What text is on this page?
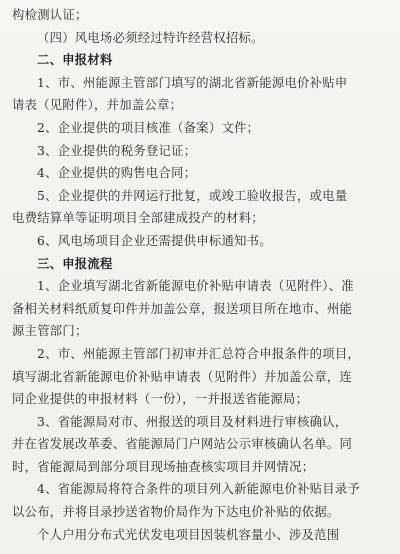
构检测认证；
（四）风电场必须经过特许经营权招标。
二、申报材料
1、市、州能源主管部门填写的湖北省新能源电价补贴申
请表（见附件），并加盖公章；
2、企业提供的项目核准（备案）文件；
3、企业提供的税务登记证；
4、企业提供的购售电合同；
5、企业提供的并网运行批复，或竣工验收报告，或电量
电费结算单等证明项目全部建成投产的材料；
6、风电场项目企业还需提供申标通知书。
三、申报流程
1、企业填写湖北省新能源电价补贴申请表（见附件）、准
备相关材料纸质复印件并加盖公章，报送项目所在地市、州能
源主管部门；
2、市、州能源主管部门初审并汇总符合申报条件的项目，
填写湖北省新能源电价补贴申请表（见附件）并加盖公章，连
同企业提供的申报材料（一份），一并报送省能源局；
3、省能源局对市、州报送的项目及材料进行审核确认，
并在省发展改革委、省能源局门户网站公示审核确认名单。同
时，省能源局到部分项目现场抽查核实项目并网情况；
4、省能源局将符合条件的项目列入新能源电价补贴目录予
以公布，并将目录抄送省物价局作为下达电价补贴的依据。
个人户用分布式光伏发电项目因装机容量小、涉及范围
